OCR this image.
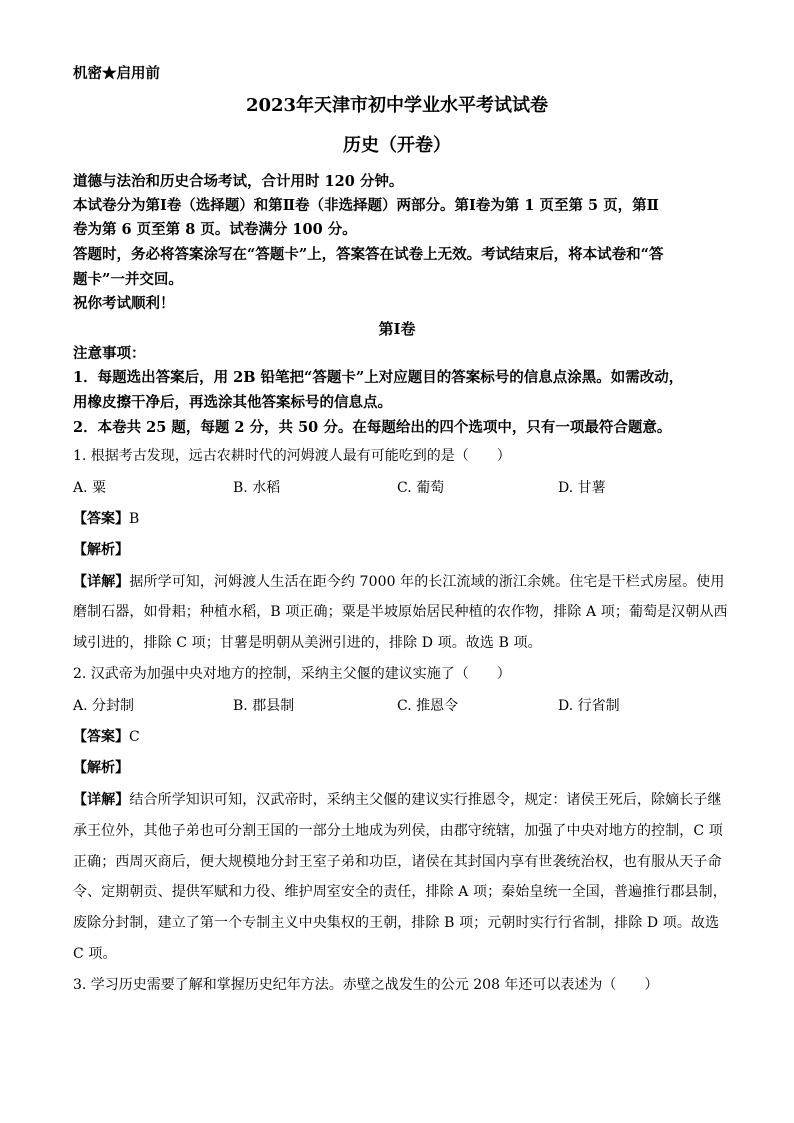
机密★启用前
2023年天津市初中学业水平考试试卷
历史（开卷）
道德与法治和历史合场考试，合计用时 120 分钟。
本试卷分为第Ⅰ卷（选择题）和第Ⅱ卷（非选择题）两部分。第Ⅰ卷为第 1 页至第 5 页，第Ⅱ
卷为第 6 页至第 8 页。试卷满分 100 分。
答题时，务必将答案涂写在“答题卡”上，答案答在试卷上无效。考试结束后，将本试卷和“答
题卡”一并交回。
祝你考试顺利！
第Ⅰ卷
注意事项：
1．每题选出答案后，用 2B 铅笔把“答题卡”上对应题目的答案标号的信息点涂黑。如需改动，
用橡皮擦干净后，再选涂其他答案标号的信息点。
2．本卷共 25 题，每题 2 分，共 50 分。在每题给出的四个选项中，只有一项最符合题意。
1. 根据考古发现，远古农耕时代的河姆渡人最有可能吃到的是（　　）
A. 粟	B. 水稻	C. 葡萄	D. 甘薯
【答案】B
【解析】
【详解】据所学可知，河姆渡人生活在距今约 7000 年的长江流域的浙江余姚。住宅是干栏式房屋。使用
磨制石器，如骨耜；种植水稻，B 项正确；粟是半坡原始居民种植的农作物，排除 A 项；葡萄是汉朝从西
域引进的，排除 C 项；甘薯是明朝从美洲引进的，排除 D 项。故选 B 项。
2. 汉武帝为加强中央对地方的控制，采纳主父偃的建议实施了（　　）
A. 分封制	B. 郡县制	C. 推恩令	D. 行省制
【答案】C
【解析】
【详解】结合所学知识可知，汉武帝时，采纳主父偃的建议实行推恩令，规定：诸侯王死后，除嫡长子继
承王位外，其他子弟也可分割王国的一部分土地成为列侯，由郡守统辖，加强了中央对地方的控制，C 项
正确；西周灭商后，便大规模地分封王室子弟和功臣，诸侯在其封国内享有世袭统治权，也有服从天子命
令、定期朝贡、提供军赋和力役、维护周室安全的责任，排除 A 项；秦始皇统一全国，普遍推行郡县制，
废除分封制，建立了第一个专制主义中央集权的王朝，排除 B 项；元朝时实行行省制，排除 D 项。故选
C 项。
3. 学习历史需要了解和掌握历史纪年方法。赤壁之战发生的公元 208 年还可以表述为（　　）
